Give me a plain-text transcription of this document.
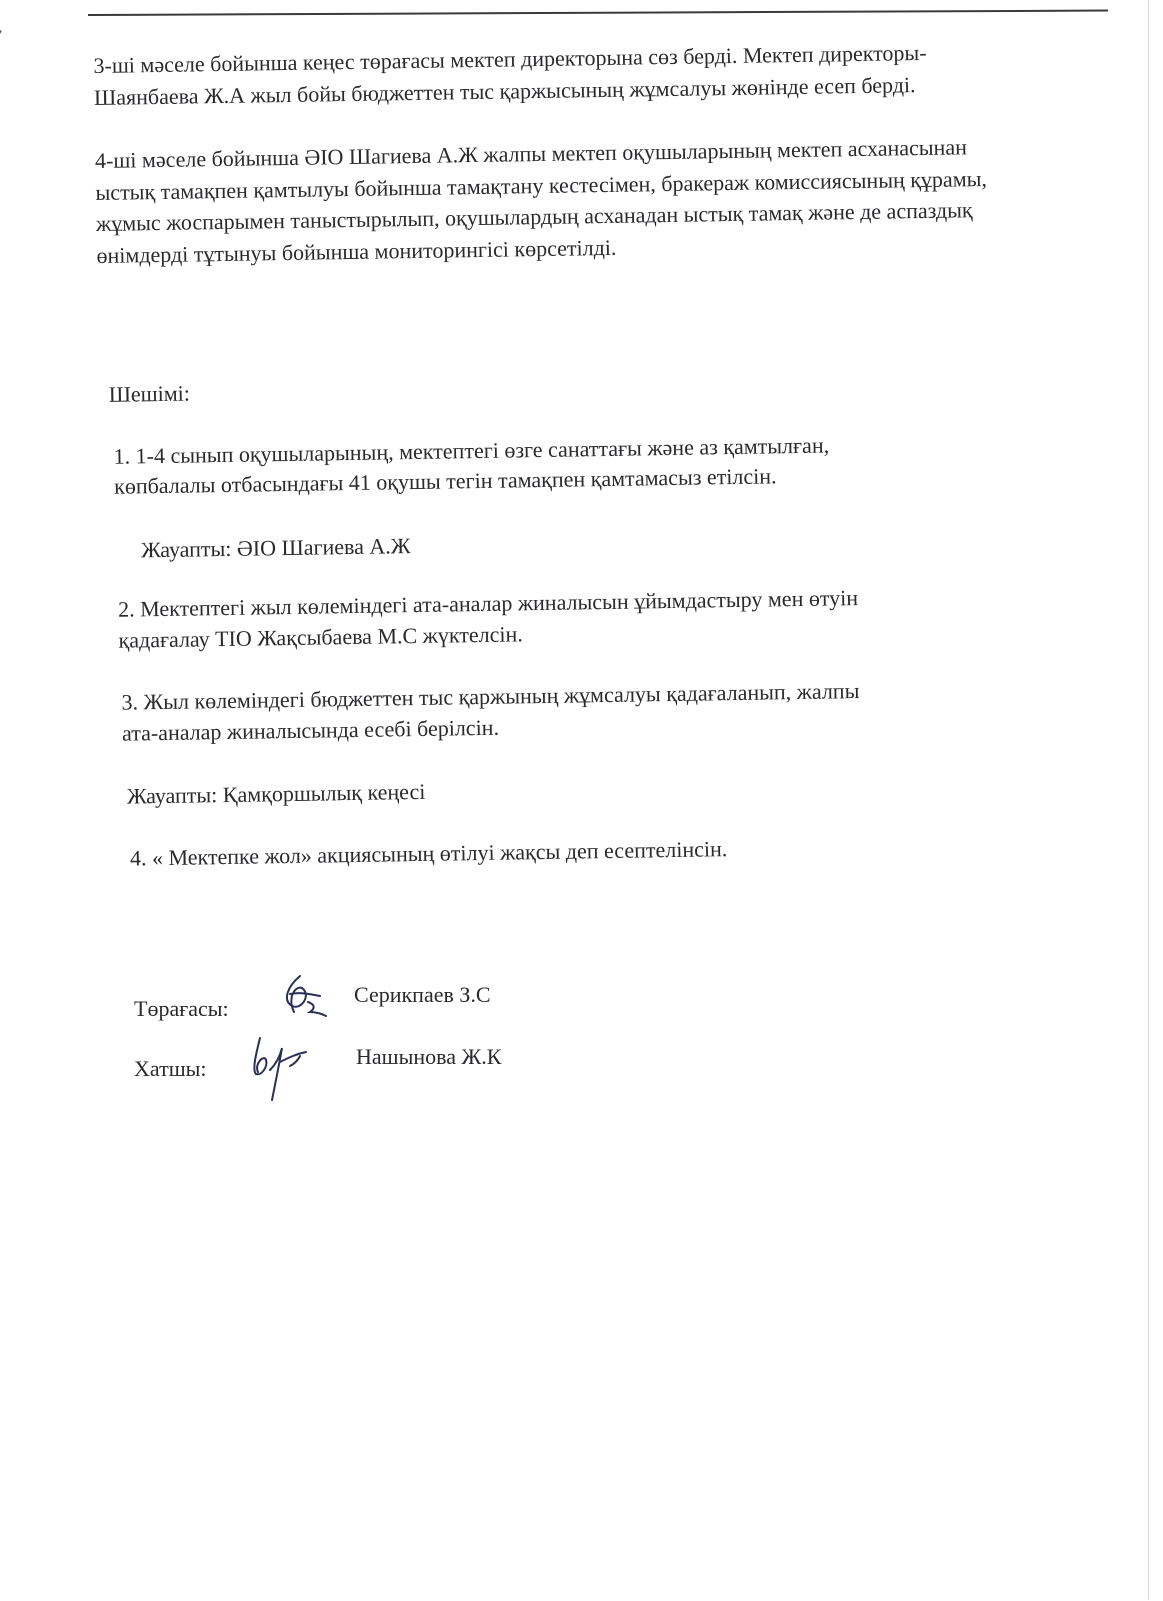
3-ші мәселе бойынша кеңес төрағасы мектеп директорына сөз берді. Мектеп директоры- Шаянбаева Ж.А жыл бойы бюджеттен тыс қаржысының жұмсалуы жөнінде есеп берді.

4-ші мәселе бойынша ӘІО Шагиева А.Ж жалпы мектеп оқушыларының мектеп асханасынан ыстық тамақпен қамтылуы бойынша тамақтану кестесімен, бракераж комиссиясының құрамы, жұмыс жоспарымен таныстырылып, оқушылардың асханадан ыстық тамақ және де аспаздық өнімдерді тұтынуы бойынша мониторингісі көрсетілді.

Шешімі:

1. 1-4 сынып оқушыларының, мектептегі өзге санаттағы және аз қамтылған,

көпбалалы отбасындағы 41 оқушы тегін тамақпен қамтамасыз етілсін.

Жауапты: ӘІО Шагиева А.Ж

2. Мектептегі жыл көлеміндегі ата-аналар жиналысын ұйымдастыру мен өтуін

қадағалау ТІО Жақсыбаева М.С жүктелсін.

3. Жыл көлеміндегі бюджеттен тыс қаржының жұмсалуы қадағаланып, жалпы

ата-аналар жиналысында есебі берілсін.

Жауапты: Қамқоршылық кеңесі

4. « Мектепке жол» акциясының өтілуі жақсы деп есептелінсін.

Төрағасы:
Серикпаев З.С
Хатшы:	Нашынова Ж.К
